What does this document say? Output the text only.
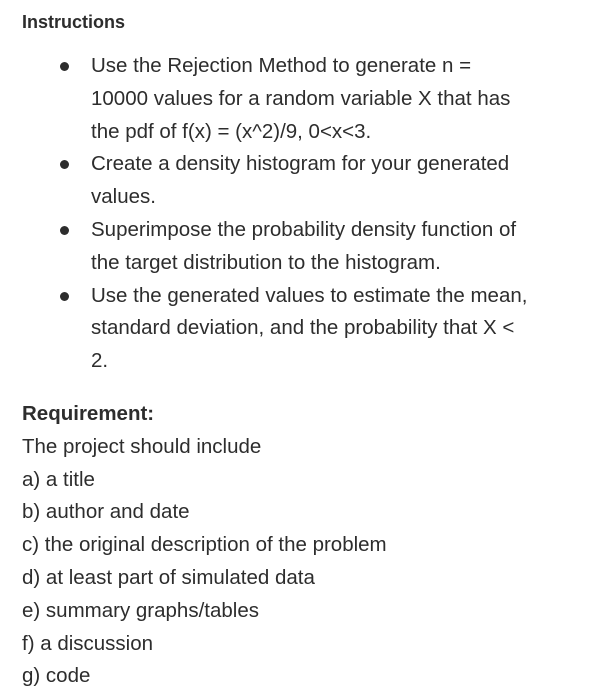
Instructions
Use the Rejection Method to generate n =
10000 values for a random variable X that has
the pdf of f(x) = (x^2)/9, 0<x<3.
Create a density histogram for your generated
values.
Superimpose the probability density function of
the target distribution to the histogram.
Use the generated values to estimate the mean,
standard deviation, and the probability that X <
2.
Requirement:
The project should include
a) a title
b) author and date
c) the original description of the problem
d) at least part of simulated data
e) summary graphs/tables
f) a discussion
g) code
